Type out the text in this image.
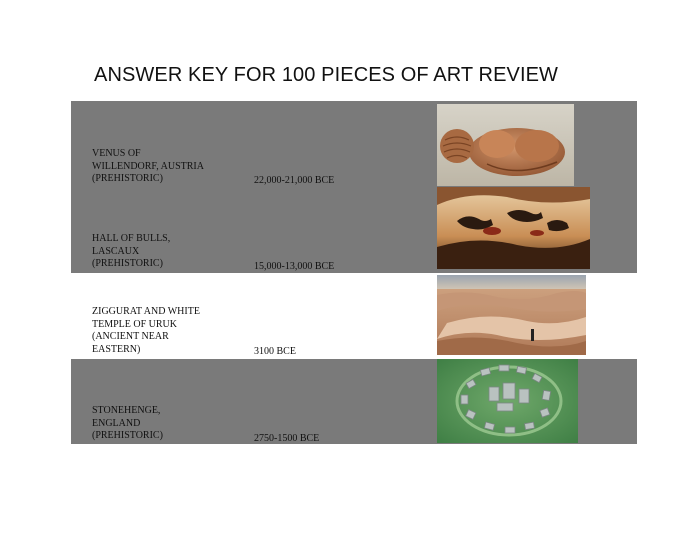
ANSWER KEY FOR 100 PIECES OF ART REVIEW
VENUS OF
WILLENDORF, AUSTRIA
(PREHISTORIC)	22,000-21,000 BCE
HALL OF BULLS,
LASCAUX
(PREHISTORIC)	15,000-13,000 BCE
ZIGGURAT AND WHITE
TEMPLE OF URUK
(ANCIENT NEAR
EASTERN)	3100 BCE
STONEHENGE,
ENGLAND
(PREHISTORIC)	2750-1500 BCE
